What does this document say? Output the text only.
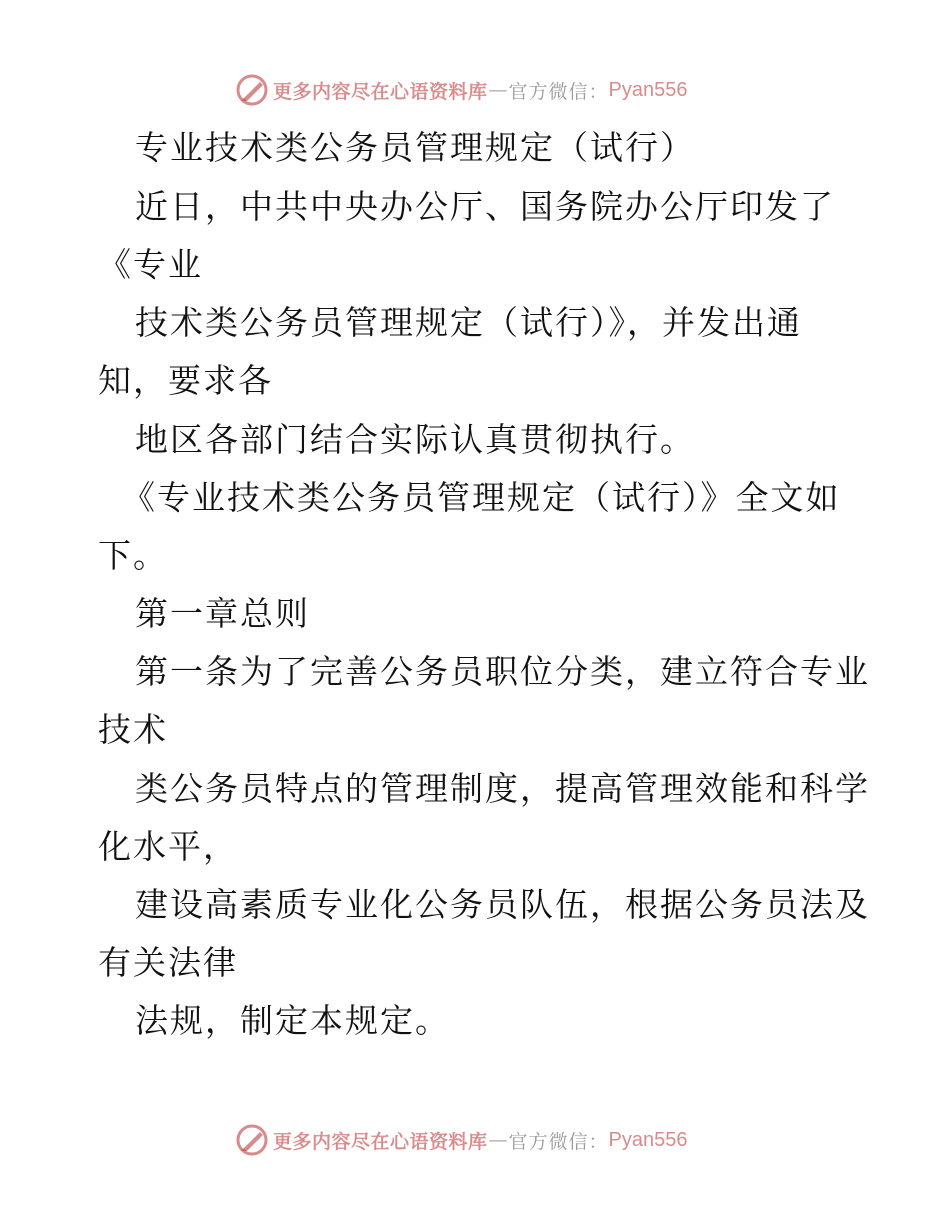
更多内容尽在心语资料库 — 官方微信： Pyan556
专业技术类公务员管理规定（试行）
近日，中共中央办公厅、国务院办公厅印发了
《专业
技术类公务员管理规定（试行）》，并发出通
知，要求各
地区各部门结合实际认真贯彻执行。
《专业技术类公务员管理规定（试行）》全文如
下。
第一章总则
第一条为了完善公务员职位分类，建立符合专业
技术
类公务员特点的管理制度，提高管理效能和科学
化水平，
建设高素质专业化公务员队伍，根据公务员法及
有关法律
法规，制定本规定。
更多内容尽在心语资料库 — 官方微信： Pyan556
